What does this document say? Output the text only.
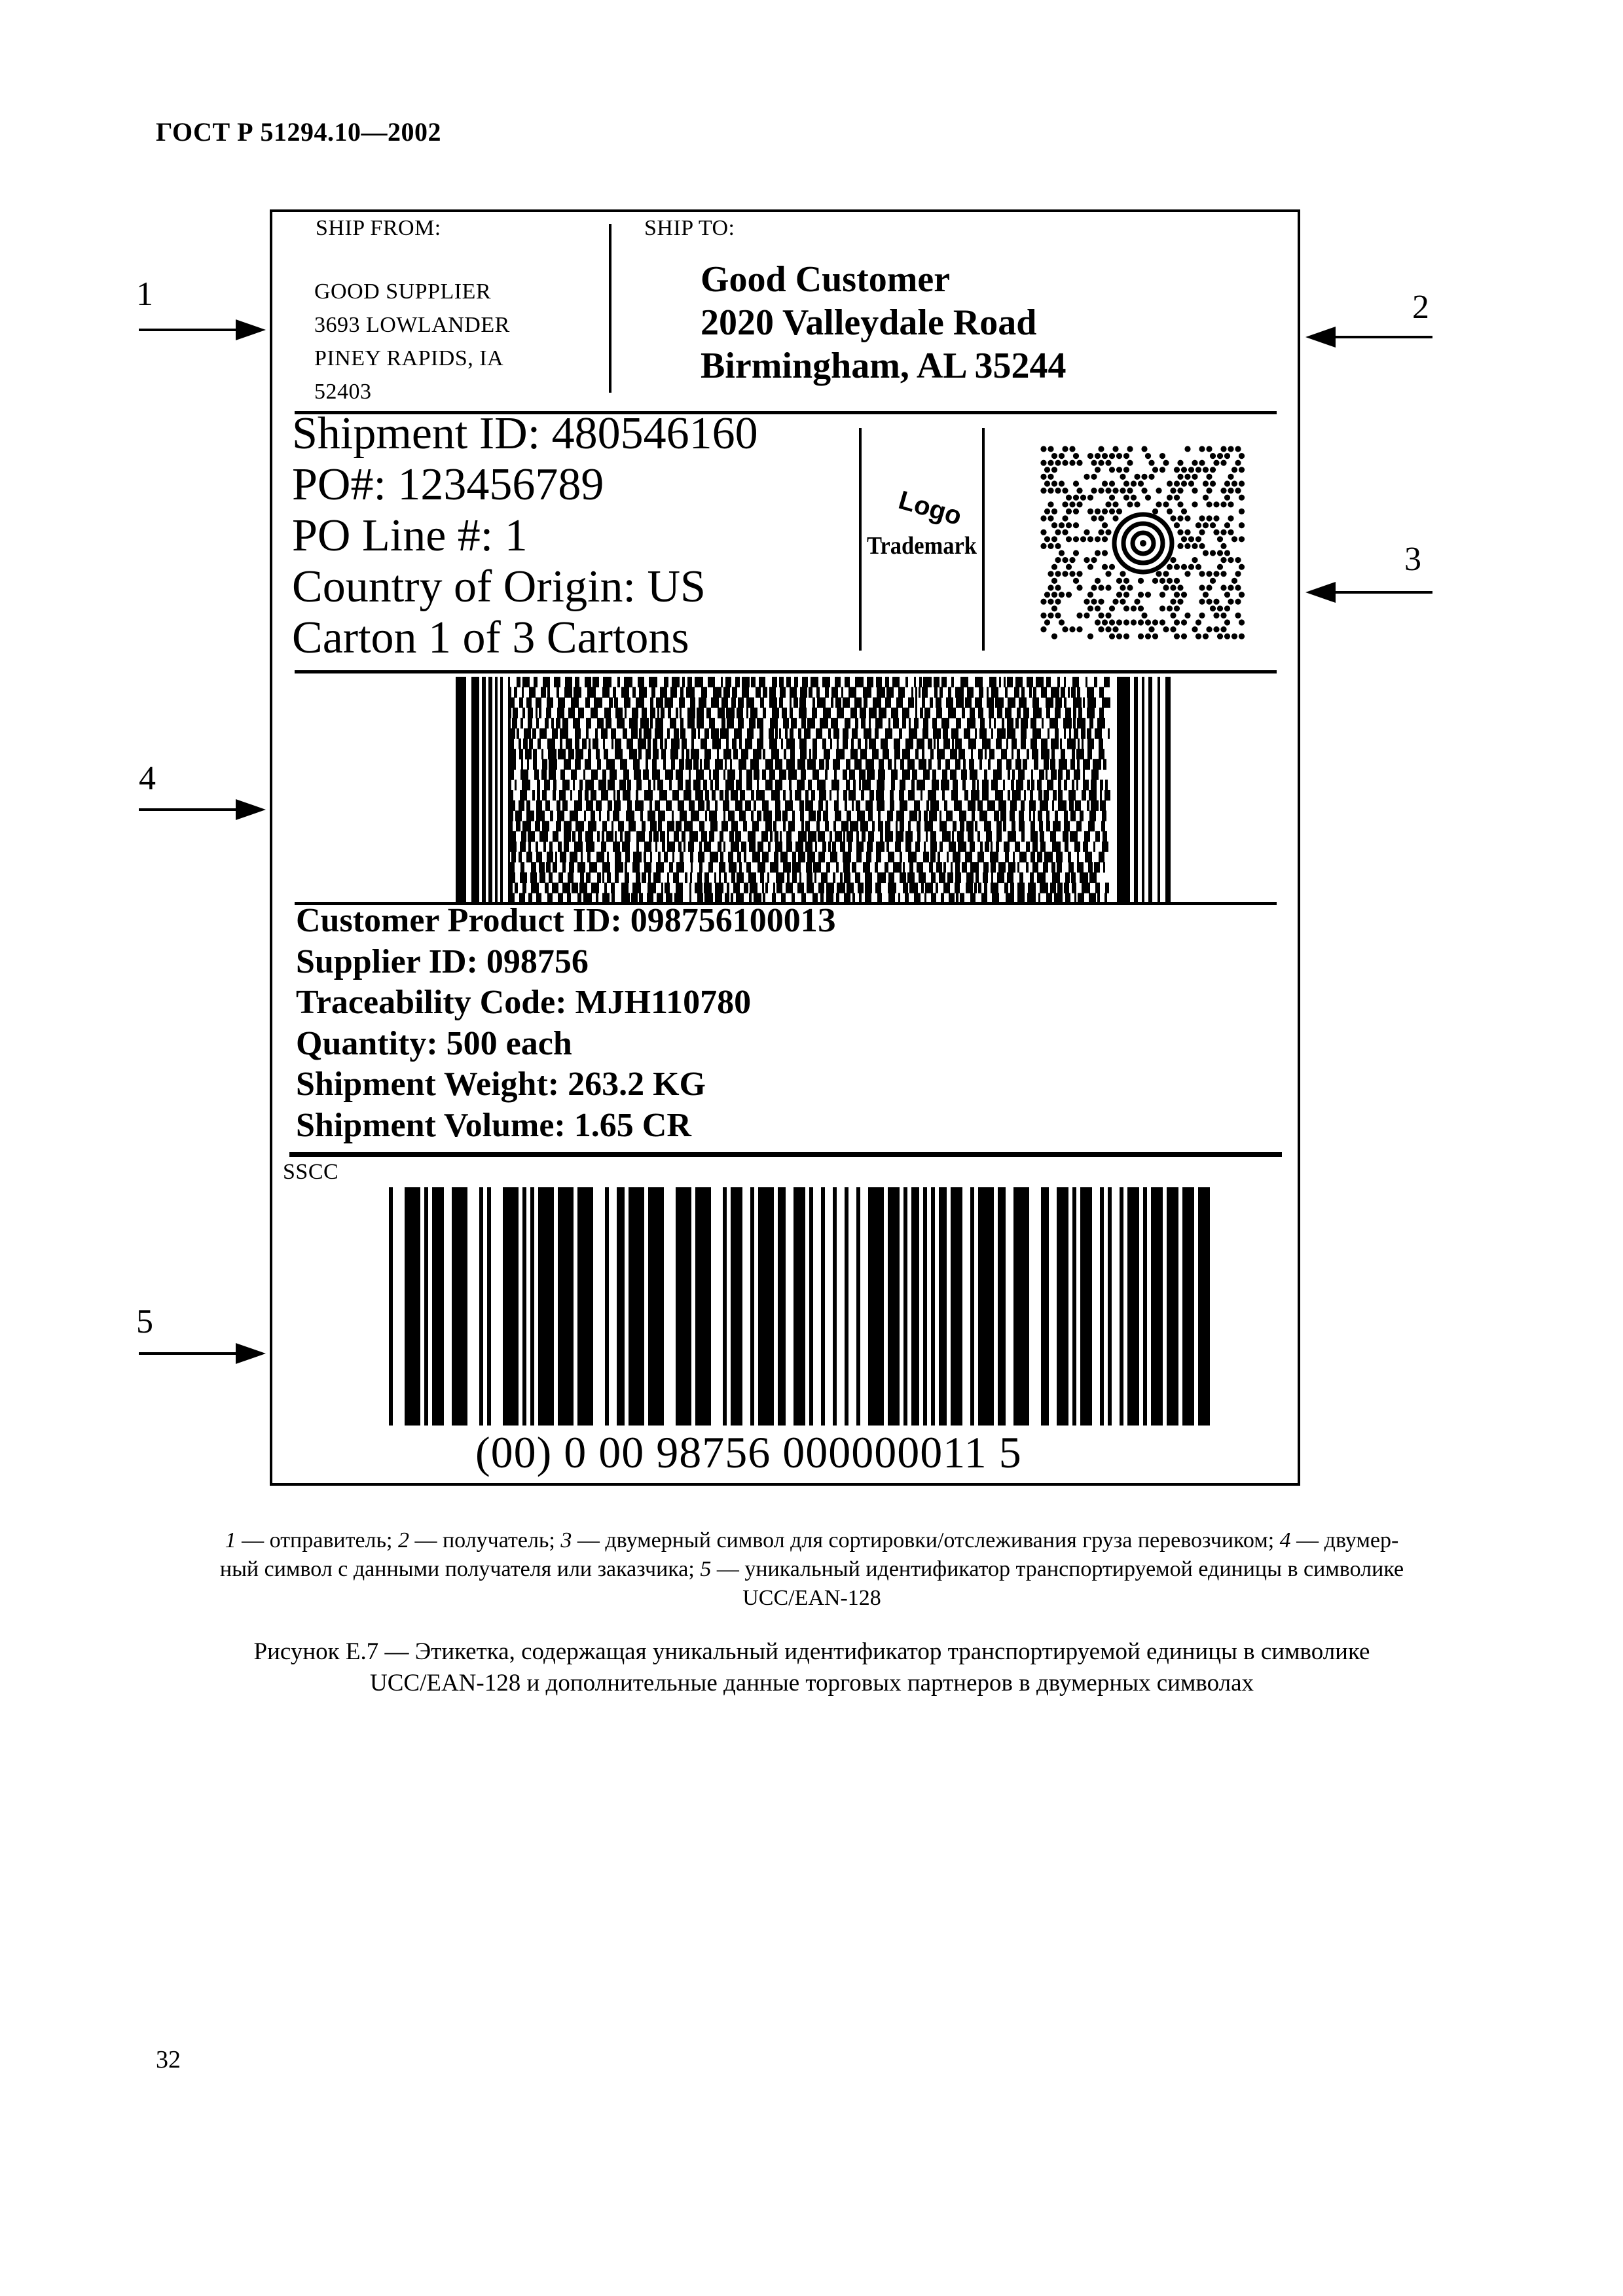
ГОСТ Р 51294.10—2002
1	2
3
4
5
SHIP FROM:
GOOD SUPPLIER
3693 LOWLANDER
PINEY RAPIDS, IA
52403
SHIP TO:
Good Customer
2020 Valleydale Road
Birmingham, AL 35244
Shipment ID: 480546160
PO#: 123456789
PO Line #: 1
Country of Origin: US
Carton 1 of 3 Cartons
Logo
Trademark
Customer Product ID: 09875610001З
Supplier ID: 098756
Traceability Code: MJH110780
Quantity: 500 each
Shipment Weight: 263.2 KG
Shipment Volume: 1.65 CR
SSCC
(00) 0 00 98756 000000011 5
1 — отправитель; 2 — получатель; 3 — двумерный символ для сортировки/отслеживания груза перевозчиком; 4 — двумер-
ный символ с данными получателя или заказчика; 5 — уникальный идентификатор транспортируемой единицы в символике
UCC/EAN-128
Рисунок Е.7 — Этикетка, содержащая уникальный идентификатор транспортируемой единицы в символике
UCC/EAN-128 и дополнительные данные торговых партнеров в двумерных символах
32
